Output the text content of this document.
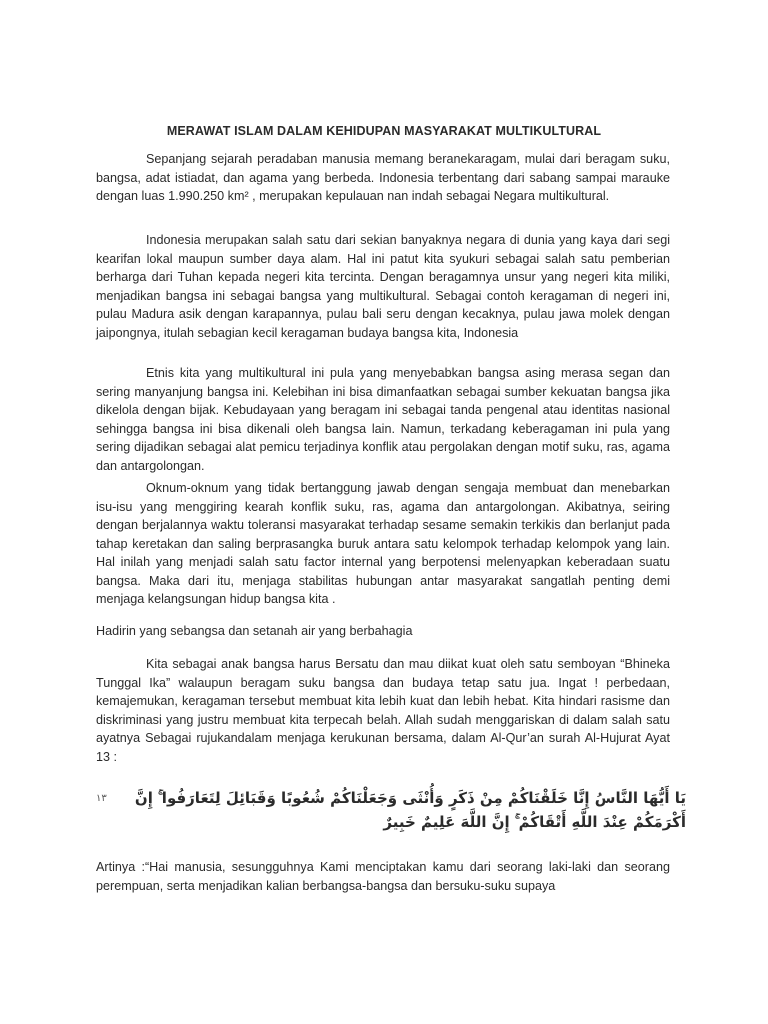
MERAWAT ISLAM DALAM KEHIDUPAN MASYARAKAT MULTIKULTURAL

Sepanjang sejarah peradaban manusia memang beranekaragam, mulai dari beragam suku, bangsa, adat istiadat, dan agama yang berbeda. Indonesia terbentang dari sabang sampai marauke dengan luas 1.990.250 km² , merupakan kepulauan nan indah sebagai Negara multikultural.

Indonesia merupakan salah satu dari sekian banyaknya negara di dunia yang kaya dari segi kearifan lokal maupun sumber daya alam. Hal ini patut kita syukuri sebagai salah satu pemberian berharga dari Tuhan kepada negeri kita tercinta. Dengan beragamnya unsur yang negeri kita miliki, menjadikan bangsa ini sebagai bangsa yang multikultural. Sebagai contoh keragaman di negeri ini, pulau Madura asik dengan karapannya, pulau bali seru dengan kecaknya, pulau jawa molek dengan jaipongnya, itulah sebagian kecil keragaman budaya bangsa kita, Indonesia

Etnis kita yang multikultural ini pula yang menyebabkan bangsa asing merasa segan dan sering manyanjung bangsa ini. Kelebihan ini bisa dimanfaatkan sebagai sumber kekuatan bangsa jika dikelola dengan bijak. Kebudayaan yang beragam ini sebagai tanda pengenal atau identitas nasional sehingga bangsa ini bisa dikenali oleh bangsa lain. Namun, terkadang keberagaman ini pula yang sering dijadikan sebagai alat pemicu terjadinya konflik atau pergolakan dengan motif suku, ras, agama dan antargolongan.

Oknum-oknum yang tidak bertanggung jawab dengan sengaja membuat dan menebarkan isu-isu yang menggiring kearah konflik suku, ras, agama dan antargolongan. Akibatnya, seiring dengan berjalannya waktu toleransi masyarakat terhadap sesame semakin terkikis dan berlanjut pada tahap keretakan dan saling berprasangka buruk antara satu kelompok terhadap kelompok yang lain. Hal inilah yang menjadi salah satu factor internal yang berpotensi melenyapkan keberadaan suatu bangsa. Maka dari itu, menjaga stabilitas hubungan antar masyarakat sangatlah penting demi menjaga kelangsungan hidup bangsa kita .

Hadirin yang sebangsa dan setanah air yang berbahagia

Kita sebagai anak bangsa harus Bersatu dan mau diikat kuat oleh satu semboyan “Bhineka Tunggal Ika” walaupun beragam suku bangsa dan budaya tetap satu jua. Ingat ! perbedaan, kemajemukan, keragaman tersebut membuat kita lebih kuat dan lebih hebat. Kita hindari rasisme dan diskriminasi yang justru membuat kita terpecah belah. Allah sudah menggariskan di dalam salah satu ayatnya Sebagai rujukandalam menjaga kerukunan bersama, dalam Al-Qur’an surah Al-Hujurat Ayat 13 :

١٣	يَا أَيُّهَا النَّاسُ إِنَّا خَلَقْنَاكُمْ مِنْ ذَكَرٍ وَأُنْثَى وَجَعَلْنَاكُمْ شُعُوبًا وَقَبَائِلَ لِتَعَارَفُوا ۚ إِنَّ أَكْرَمَكُمْ عِنْدَ اللَّهِ أَتْقَاكُمْ ۚ إِنَّ اللَّهَ عَلِيمٌ خَبِيرٌ

Artinya :“Hai manusia, sesungguhnya Kami menciptakan kamu dari seorang laki-laki dan seorang perempuan, serta menjadikan kalian berbangsa-bangsa dan bersuku-suku supaya
